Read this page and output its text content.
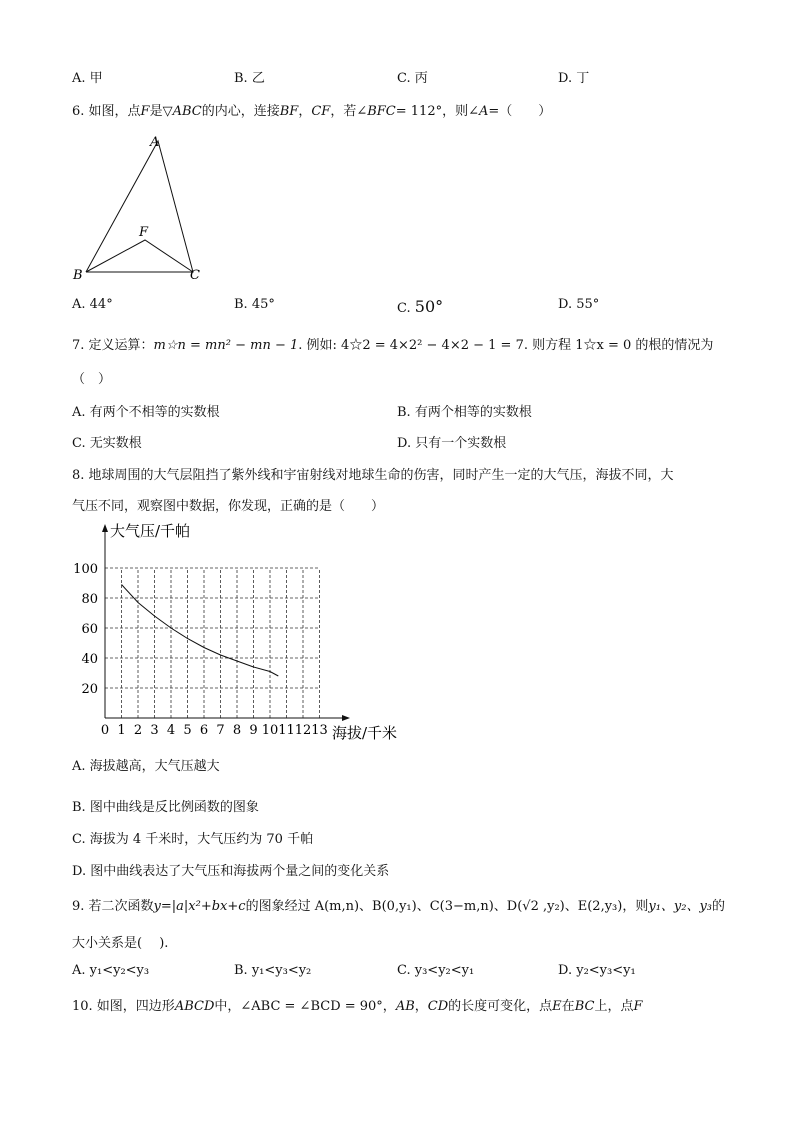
A. 甲	B. 乙	C. 丙	D. 丁
6. 如图，点F是▽ABC的内心，连接BF，CF，若∠BFC= 112°，则∠A=（　　）
A
F
B	C
A. 44°	B. 45°	C. 50°	D. 55°
7. 定义运算：m☆n = mn² − mn − 1. 例如: 4☆2 = 4×2² − 4×2 − 1 = 7. 则方程 1☆x = 0 的根的情况为
（　）
A. 有两个不相等的实数根	B. 有两个相等的实数根
C. 无实数根	D. 只有一个实数根
8. 地球周围的大气层阻挡了紫外线和宇宙射线对地球生命的伤害，同时产生一定的大气压，海拔不同，大
气压不同，观察图中数据，你发现，正确的是（　　）
0 1 2 3 4 5 6 7 8 9 10 11 12 13
20
40
60
80
100
大气压/千帕
海拔/千米
A. 海拔越高，大气压越大
B. 图中曲线是反比例函数的图象
C. 海拔为 4 千米时，大气压约为 70 千帕
D. 图中曲线表达了大气压和海拔两个量之间的变化关系
9. 若二次函数y=|a|x²+bx+c的图象经过 A(m,n)、B(0,y₁)、C(3−m,n)、D(√2 ,y₂)、E(2,y₃)，则y₁、y₂、y₃的
大小关系是(　 ).
A. y₁<y₂<y₃	B. y₁<y₃<y₂	C. y₃<y₂<y₁	D. y₂<y₃<y₁
10. 如图，四边形ABCD中，∠ABC = ∠BCD = 90°，AB，CD的长度可变化，点E在BC上，点F
